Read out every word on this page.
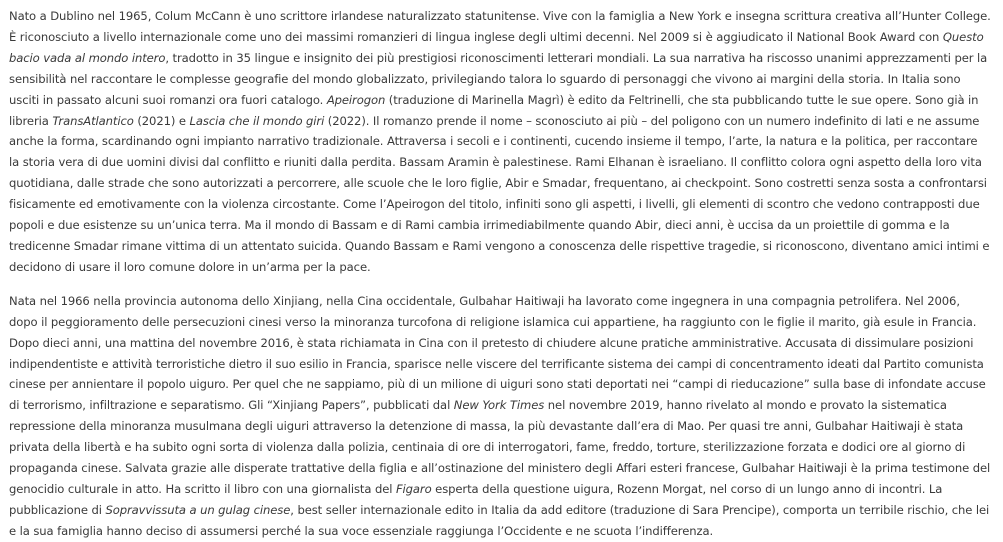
Nato a Dublino nel 1965, Colum McCann è uno scrittore irlandese naturalizzato statunitense. Vive con la famiglia a New York e insegna scrittura creativa all’Hunter College. È riconosciuto a livello internazionale come uno dei massimi romanzieri di lingua inglese degli ultimi decenni. Nel 2009 si è aggiudicato il National Book Award con Questo bacio vada al mondo intero, tradotto in 35 lingue e insignito dei più prestigiosi riconoscimenti letterari mondiali. La sua narrativa ha riscosso unanimi apprezzamenti per la sensibilità nel raccontare le complesse geografie del mondo globalizzato, privilegiando talora lo sguardo di personaggi che vivono ai margini della storia. In Italia sono usciti in passato alcuni suoi romanzi ora fuori catalogo. Apeirogon (traduzione di Marinella Magrì) è edito da Feltrinelli, che sta pubblicando tutte le sue opere. Sono già in libreria TransAtlantico (2021) e Lascia che il mondo giri (2022). Il romanzo prende il nome – sconosciuto ai più – del poligono con un numero indefinito di lati e ne assume anche la forma, scardinando ogni impianto narrativo tradizionale. Attraversa i secoli e i continenti, cucendo insieme il tempo, l’arte, la natura e la politica, per raccontare la storia vera di due uomini divisi dal conflitto e riuniti dalla perdita. Bassam Aramin è palestinese. Rami Elhanan è israeliano. Il conflitto colora ogni aspetto della loro vita quotidiana, dalle strade che sono autorizzati a percorrere, alle scuole che le loro figlie, Abir e Smadar, frequentano, ai checkpoint. Sono costretti senza sosta a confrontarsi fisicamente ed emotivamente con la violenza circostante. Come l’Apeirogon del titolo, infiniti sono gli aspetti, i livelli, gli elementi di scontro che vedono contrapposti due popoli e due esistenze su un’unica terra. Ma il mondo di Bassam e di Rami cambia irrimediabilmente quando Abir, dieci anni, è uccisa da un proiettile di gomma e la tredicenne Smadar rimane vittima di un attentato suicida. Quando Bassam e Rami vengono a conoscenza delle rispettive tragedie, si riconoscono, diventano amici intimi e decidono di usare il loro comune dolore in un’arma per la pace.

Nata nel 1966 nella provincia autonoma dello Xinjiang, nella Cina occidentale, Gulbahar Haitiwaji ha lavorato come ingegnera in una compagnia petrolifera. Nel 2006, dopo il peggioramento delle persecuzioni cinesi verso la minoranza turcofona di religione islamica cui appartiene, ha raggiunto con le figlie il marito, già esule in Francia. Dopo dieci anni, una mattina del novembre 2016, è stata richiamata in Cina con il pretesto di chiudere alcune pratiche amministrative. Accusata di dissimulare posizioni indipendentiste e attività terroristiche dietro il suo esilio in Francia, sparisce nelle viscere del terrificante sistema dei campi di concentramento ideati dal Partito comunista cinese per annientare il popolo uiguro. Per quel che ne sappiamo, più di un milione di uiguri sono stati deportati nei “campi di rieducazione” sulla base di infondate accuse di terrorismo, infiltrazione e separatismo. Gli “Xinjiang Papers”, pubblicati dal New York Times nel novembre 2019, hanno rivelato al mondo e provato la sistematica repressione della minoranza musulmana degli uiguri attraverso la detenzione di massa, la più devastante dall’era di Mao. Per quasi tre anni, Gulbahar Haitiwaji è stata privata della libertà e ha subito ogni sorta di violenza dalla polizia, centinaia di ore di interrogatori, fame, freddo, torture, sterilizzazione forzata e dodici ore al giorno di propaganda cinese. Salvata grazie alle disperate trattative della figlia e all’ostinazione del ministero degli Affari esteri francese, Gulbahar Haitiwaji è la prima testimone del genocidio culturale in atto. Ha scritto il libro con una giornalista del Figaro esperta della questione uigura, Rozenn Morgat, nel corso di un lungo anno di incontri. La pubblicazione di Sopravvissuta a un gulag cinese, best seller internazionale edito in Italia da add editore (traduzione di Sara Prencipe), comporta un terribile rischio, che lei e la sua famiglia hanno deciso di assumersi perché la sua voce essenziale raggiunga l’Occidente e ne scuota l’indifferenza.
